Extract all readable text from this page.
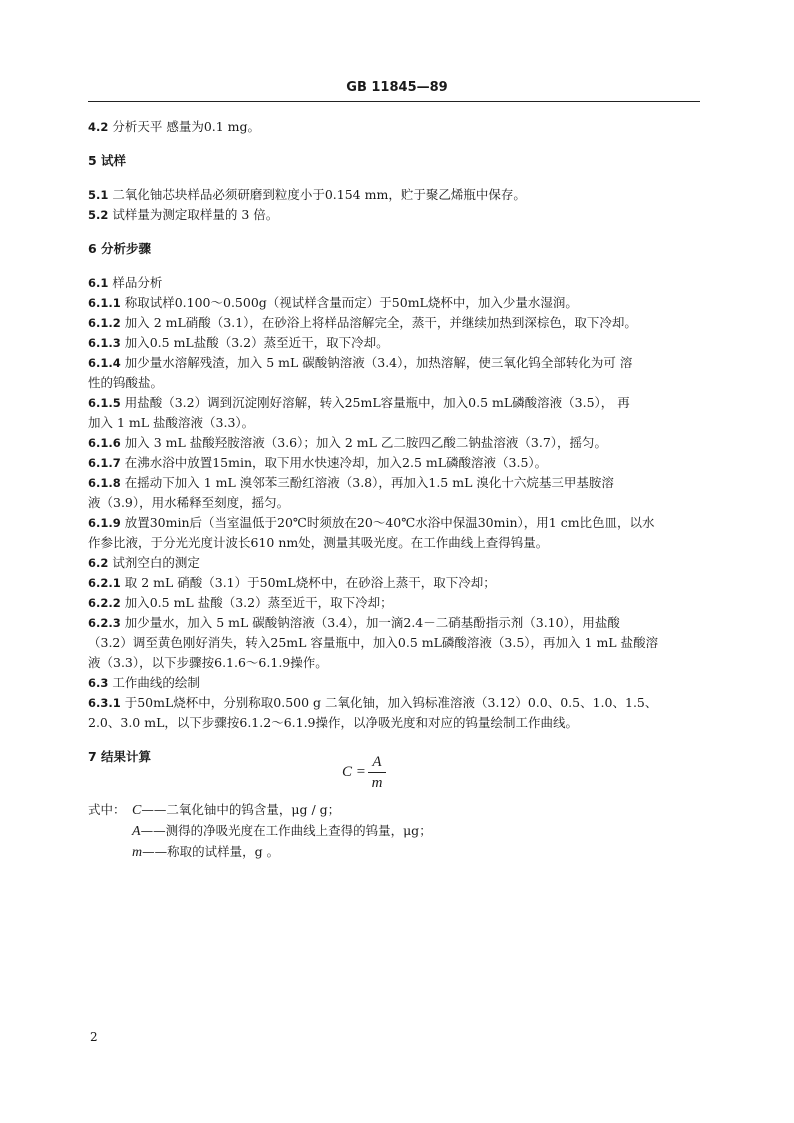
GB 11845—89
4.2 分析天平 感量为0.1 mg。
5 试样
5.1 二氧化铀芯块样品必须研磨到粒度小于0.154 mm，贮于聚乙烯瓶中保存。
5.2 试样量为测定取样量的 3 倍。
6 分析步骤
6.1 样品分析
6.1.1 称取试样0.100～0.500g（视试样含量而定）于50mL烧杯中，加入少量水湿润。
6.1.2 加入 2 mL硝酸（3.1），在砂浴上将样品溶解完全，蒸干，并继续加热到深棕色，取下冷却。
6.1.3 加入0.5 mL盐酸（3.2）蒸至近干，取下冷却。
6.1.4 加少量水溶解残渣，加入 5 mL 碳酸钠溶液（3.4），加热溶解，使三氧化钨全部转化为可 溶
性的钨酸盐。
6.1.5 用盐酸（3.2）调到沉淀刚好溶解，转入25mL容量瓶中，加入0.5 mL磷酸溶液（3.5）， 再
加入 1 mL 盐酸溶液（3.3）。
6.1.6 加入 3 mL 盐酸羟胺溶液（3.6）；加入 2 mL 乙二胺四乙酸二钠盐溶液（3.7），摇匀。
6.1.7 在沸水浴中放置15min，取下用水快速冷却，加入2.5 mL磷酸溶液（3.5）。
6.1.8 在摇动下加入 1 mL 溴邻苯三酚红溶液（3.8），再加入1.5 mL 溴化十六烷基三甲基胺溶
液（3.9），用水稀释至刻度，摇匀。
6.1.9 放置30min后（当室温低于20℃时须放在20～40℃水浴中保温30min），用1 cm比色皿，以水
作参比液，于分光光度计波长610 nm处，测量其吸光度。在工作曲线上查得钨量。
6.2 试剂空白的测定
6.2.1 取 2 mL 硝酸（3.1）于50mL烧杯中，在砂浴上蒸干，取下冷却；
6.2.2 加入0.5 mL 盐酸（3.2）蒸至近干，取下冷却；
6.2.3 加少量水，加入 5 mL 碳酸钠溶液（3.4），加一滴2.4－二硝基酚指示剂（3.10），用盐酸
（3.2）调至黄色刚好消失，转入25mL 容量瓶中，加入0.5 mL磷酸溶液（3.5），再加入 1 mL 盐酸溶
液（3.3），以下步骤按6.1.6～6.1.9操作。
6.3 工作曲线的绘制
6.3.1 于50mL烧杯中，分别称取0.500 g 二氧化铀，加入钨标准溶液（3.12）0.0、0.5、1.0、1.5、
2.0、3.0 mL，以下步骤按6.1.2～6.1.9操作，以净吸光度和对应的钨量绘制工作曲线。
7 结果计算
C =
A
m
式中： C——二氧化铀中的钨含量，μg / g；
A——测得的净吸光度在工作曲线上查得的钨量，μg；
m——称取的试样量，g 。
2
